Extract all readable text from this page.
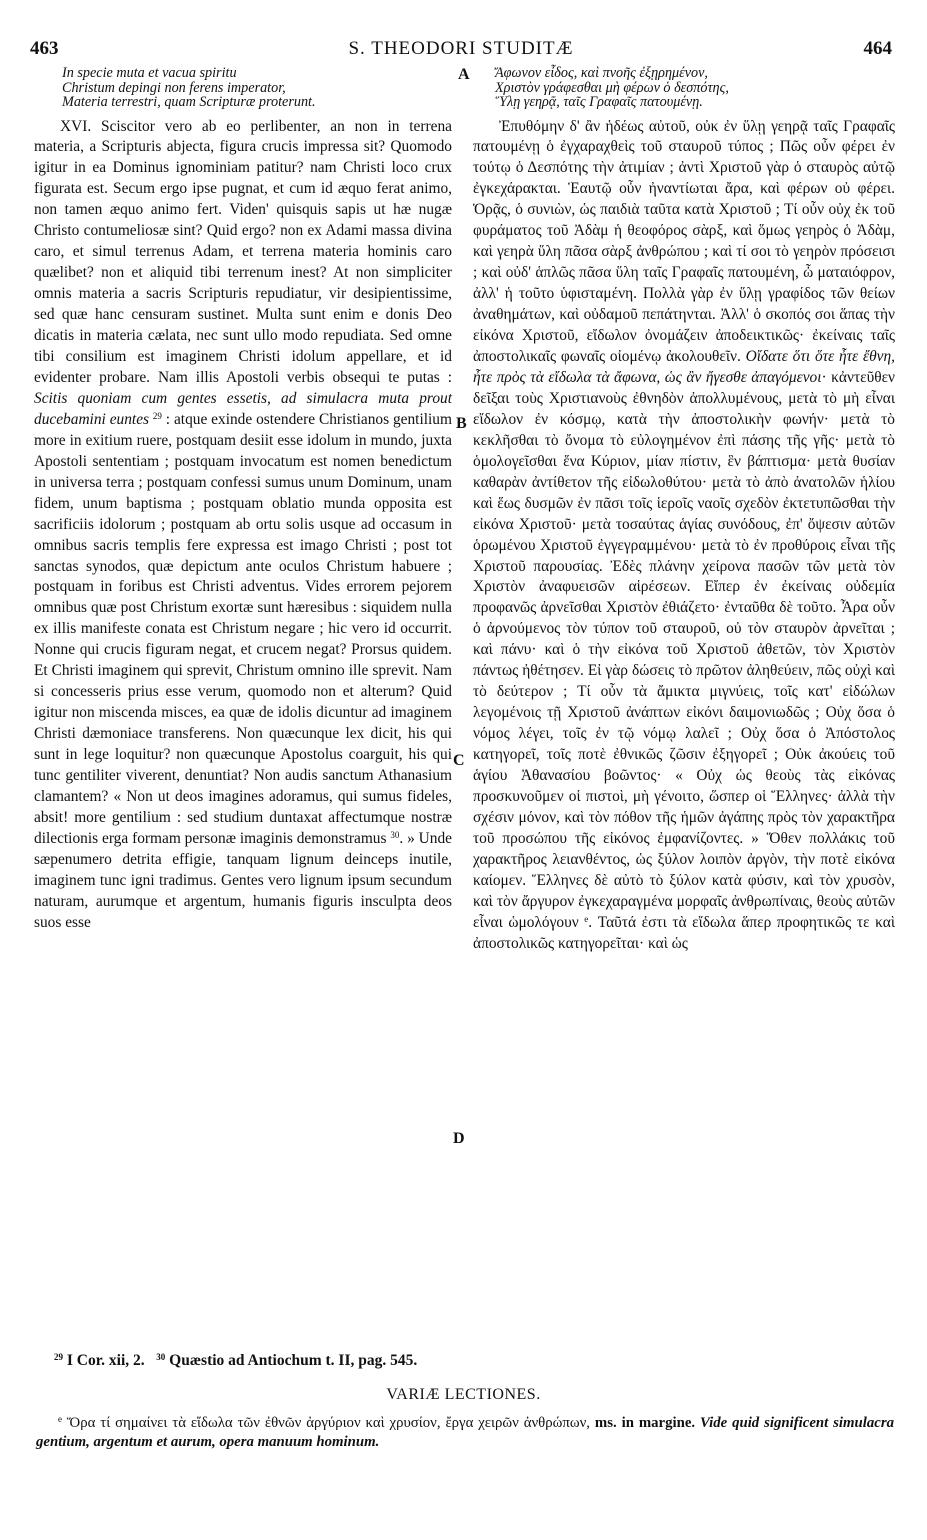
463	S. THEODORI STUDITÆ	464
In specie muta et vacua spiritu
Christum depingi non ferens imperator,
Materia terrestri, quam Scripturæ proterunt.

XVI. Sciscitor vero ab eo perlibenter, an non in terrena materia, a Scripturis abjecta, figura crucis impressa sit? Quomodo igitur in ea Dominus ignominiam patitur? nam Christi loco crux figurata est. Secum ergo ipse pugnat, et cum id æquo ferat animo, non tamen æquo animo fert. Viden' quisquis sapis ut hæ nugæ Christo contumeliosæ sint? Quid ergo? non ex Adami massa divina caro, et simul terrenus Adam, et terrena materia hominis caro quælibet? non et aliquid tibi terrenum inest? At non simpliciter omnis materia a sacris Scripturis repudiatur, vir desipientissime, sed quæ hanc censuram sustinet. Multa sunt enim e donis Deo dicatis in materia cælata, nec sunt ullo modo repudiata. Sed omne tibi consilium est imaginem Christi idolum appellare, et id evidenter probare. Nam illis Apostoli verbis obsequi te putas : Scitis quoniam cum gentes essetis, ad simulacra muta prout ducebamini euntes $^{29}$ : atque exinde ostendere Christianos gentilium more in exitium ruere, postquam desiit esse idolum in mundo, juxta Apostoli sententiam ; postquam invocatum est nomen benedictum in universa terra ; postquam confessi sumus unum Dominum, unam fidem, unum baptisma ; postquam oblatio munda opposita est sacrificiis idolorum ; postquam ab ortu solis usque ad occasum in omnibus sacris templis fere expressa est imago Christi ; post tot sanctas synodos, quæ depictum ante oculos Christum habuere ; postquam in foribus est Christi adventus. Vides errorem pejorem omnibus quæ post Christum exortæ sunt hæresibus : siquidem nulla ex illis manifeste conata est Christum negare ; hic vero id occurrit. Nonne qui crucis figuram negat, et crucem negat? Prorsus quidem. Et Christi imaginem qui sprevit, Christum omnino ille sprevit. Nam si concesseris prius esse verum, quomodo non et alterum? Quid igitur non miscenda misces, ea quæ de idolis dicuntur ad imaginem Christi dæmoniace transferens. Non quæcunque lex dicit, his qui sunt in lege loquitur? non quæcunque Apostolus coarguit, his qui tunc gentiliter viverent, denuntiat? Non audis sanctum Athanasium clamantem? « Non ut deos imagines adoramus, qui sumus fideles, absit! more gentilium : sed studium duntaxat affectumque nostræ dilectionis erga formam personæ imaginis demonstramus $^{30}$. » Unde sæpenumero detrita effigie, tanquam lignum deinceps inutile, imaginem tunc igni tradimus. Gentes vero lignum ipsum secundum naturam, aurumque et argentum, humanis figuris insculpta deos suos esse

A
B
C
D
Ἄφωνον εἶδος, καὶ πνοῆς ἐξῃρημένον,
Χριστὸν γράφεσθαι μὴ φέρων ὁ δεσπότης,
Ὕλῃ γεηρᾷ, ταῖς Γραφαῖς πατουμένῃ.

Ἐπυθόμην δ' ἂν ἡδέως αὐτοῦ, οὐκ ἐν ὕλῃ γεηρᾷ ταῖς Γραφαῖς πατουμένῃ ὁ ἐγχαραχθεὶς τοῦ σταυροῦ τύπος ; Πῶς οὖν φέρει ἐν τούτῳ ὁ Δεσπότης τὴν ἀτιμίαν ; ἀντὶ Χριστοῦ γὰρ ὁ σταυρὸς αὐτῷ ἐγκεχάρακται. Ἑαυτῷ οὖν ἠναντίωται ἄρα, καὶ φέρων οὐ φέρει. Ὁρᾷς, ὁ συνιὼν, ὡς παιδιὰ ταῦτα κατὰ Χριστοῦ ; Τί οὖν οὐχ ἐκ τοῦ φυράματος τοῦ Ἀδὰμ ἡ θεοφόρος σὰρξ, καὶ ὅμως γεηρὸς ὁ Ἀδὰμ, καὶ γεηρὰ ὕλη πᾶσα σὰρξ ἀνθρώπου ; καὶ τί σοι τὸ γεηρὸν πρόσεισι ; καὶ οὐδ' ἁπλῶς πᾶσα ὕλη ταῖς Γραφαῖς πατουμένη, ὦ ματαιόφρον, ἀλλ' ἡ τοῦτο ὑφισταμένη. Πολλὰ γὰρ ἐν ὕλῃ γραφίδος τῶν θείων ἀναθημάτων, καὶ οὐδαμοῦ πεπάτηνται. Ἀλλ' ὁ σκοπός σοι ἅπας τὴν εἰκόνα Χριστοῦ, εἴδωλον ὀνομάζειν ἀποδεικτικῶς· ἐκείναις ταῖς ἀποστολικαῖς φωναῖς οἰομένῳ ἀκολουθεῖν. Οἴδατε ὅτι ὅτε ἦτε ἔθνη, ἦτε πρὸς τὰ εἴδωλα τὰ ἄφωνα, ὡς ἂν ἤγεσθε ἀπαγόμενοι· κἀντεῦθεν δεῖξαι τοὺς Χριστιανοὺς ἐθνηδὸν ἀπολλυμένους, μετὰ τὸ μὴ εἶναι εἴδωλον ἐν κόσμῳ, κατὰ τὴν ἀποστολικὴν φωνήν· μετὰ τὸ κεκλῆσθαι τὸ ὄνομα τὸ εὐλογημένον ἐπὶ πάσης τῆς γῆς· μετὰ τὸ ὁμολογεῖσθαι ἕνα Κύριον, μίαν πίστιν, ἓν βάπτισμα· μετὰ θυσίαν καθαρὰν ἀντίθετον τῆς εἰδωλοθύτου· μετὰ τὸ ἀπὸ ἀνατολῶν ἡλίου καὶ ἕως δυσμῶν ἐν πᾶσι τοῖς ἱεροῖς ναοῖς σχεδὸν ἐκτετυπῶσθαι τὴν εἰκόνα Χριστοῦ· μετὰ τοσαύτας ἁγίας συνόδους, ἐπ' ὄψεσιν αὐτῶν ὁρωμένου Χριστοῦ ἐγγεγραμμένου· μετὰ τὸ ἐν προθύροις εἶναι τῆς Χριστοῦ παρουσίας. Ἐδὲς πλάνην χείρονα πασῶν τῶν μετὰ τὸν Χριστὸν ἀναφυεισῶν αἱρέσεων. Εἴπερ ἐν ἐκείναις οὐδεμία προφανῶς ἀρνεῖσθαι Χριστὸν ἐθιάζετο· ἐνταῦθα δὲ τοῦτο. Ἆρα οὖν ὁ ἀρνούμενος τὸν τύπον τοῦ σταυροῦ, οὐ τὸν σταυρὸν ἀρνεῖται ; καὶ πάνυ· καὶ ὁ τὴν εἰκόνα τοῦ Χριστοῦ ἀθετῶν, τὸν Χριστὸν πάντως ἠθέτησεν. Εἰ γὰρ δώσεις τὸ πρῶτον ἀληθεύειν, πῶς οὐχὶ καὶ τὸ δεύτερον ; Τί οὖν τὰ ἄμικτα μιγνύεις, τοῖς κατ' εἰδώλων λεγομένοις τῇ Χριστοῦ ἀνάπτων εἰκόνι δαιμονιωδῶς ; Οὐχ ὅσα ὁ νόμος λέγει, τοῖς ἐν τῷ νόμῳ λαλεῖ ; Οὐχ ὅσα ὁ Ἀπόστολος κατηγορεῖ, τοῖς ποτὲ ἐθνικῶς ζῶσιν ἐξηγορεῖ ; Οὐκ ἀκούεις τοῦ ἁγίου Ἀθανασίου βοῶντος· « Οὐχ ὡς θεοὺς τὰς εἰκόνας προσκυνοῦμεν οἱ πιστοὶ, μὴ γένοιτο, ὥσπερ οἱ Ἕλληνες· ἀλλὰ τὴν σχέσιν μόνον, καὶ τὸν πόθον τῆς ἡμῶν ἀγάπης πρὸς τὸν χαρακτῆρα τοῦ προσώπου τῆς εἰκόνος ἐμφανίζοντες. » Ὅθεν πολλάκις τοῦ χαρακτῆρος λειανθέντος, ὡς ξύλον λοιπὸν ἀργὸν, τὴν ποτὲ εἰκόνα καίομεν. Ἕλληνες δὲ αὐτὸ τὸ ξύλον κατὰ φύσιν, καὶ τὸν χρυσὸν, καὶ τὸν ἄργυρον ἐγκεχαραγμένα μορφαῖς ἀνθρωπίναις, θεοὺς αὐτῶν εἶναι ὡμολόγουν $^e$. Ταῦτά ἐστι τὰ εἴδωλα ἅπερ προφητικῶς τε καὶ ἀποστολικῶς κατηγορεῖται· καὶ ὡς

$^{29}$ I Cor. xii, 2. $^{30}$ Quæstio ad Antiochum t. II, pag. 545.
VARIÆ LECTIONES.
$^e$ Ὅρα τί σημαίνει τὰ εἴδωλα τῶν ἐθνῶν ἀργύριον καὶ χρυσίον, ἔργα χειρῶν ἀνθρώπων, ms. in margine. Vide quid significent simulacra gentium, argentum et aurum, opera manuum hominum.
